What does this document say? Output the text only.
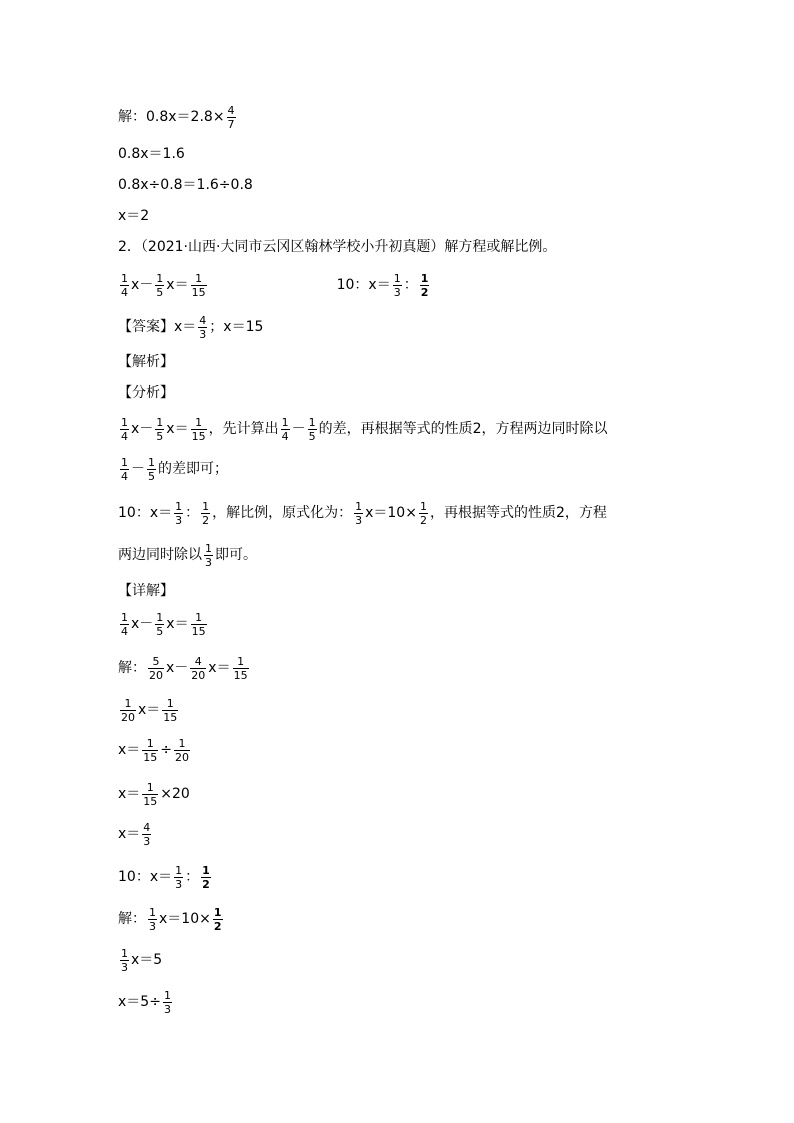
解：$0.8x=2.8\times \frac{4}{7}$
0.8x＝1.6
0.8x÷0.8＝1.6÷0.8
x＝2
2．（2021·山西·大同市云冈区翰林学校小升初真题）解方程或解比例。
$\frac{1}{4} x- \frac{1}{5} x= \frac{1}{15}$	10：$x= \frac{1}{3}$ ： $\frac{1}{2}$
【答案】$x= \frac{4}{3}$ ；x＝15
【解析】
【分析】
$\frac{1}{4} x- \frac{1}{5} x= \frac{1}{15}$ ，先计算出 $\frac{1}{4} - \frac{1}{5}$ 的差，再根据等式的性质2，方程两边同时除以
$\frac{1}{4} - \frac{1}{5}$ 的差即可；
10：$x= \frac{1}{3}$ ： $\frac{1}{2}$ ，解比例，原式化为： $\frac{1}{3} x=10\times \frac{1}{2}$ ，再根据等式的性质2，方程
两边同时除以 $\frac{1}{3}$ 即可。
【详解】
$\frac{1}{4} x- \frac{1}{5} x= \frac{1}{15}$
解： $\frac{5}{20} x- \frac{4}{20} x= \frac{1}{15}$
$\frac{1}{20} x= \frac{1}{15}$
$x= \frac{1}{15} \div \frac{1}{20}$
$x= \frac{1}{15} \times 20$
$x= \frac{4}{3}$
10：$x= \frac{1}{3}$ ： $\frac{1}{2}$
解： $\frac{1}{3} x=10\times \frac{1}{2}$
$\frac{1}{3} x=5$
$x=5\div \frac{1}{3}$
